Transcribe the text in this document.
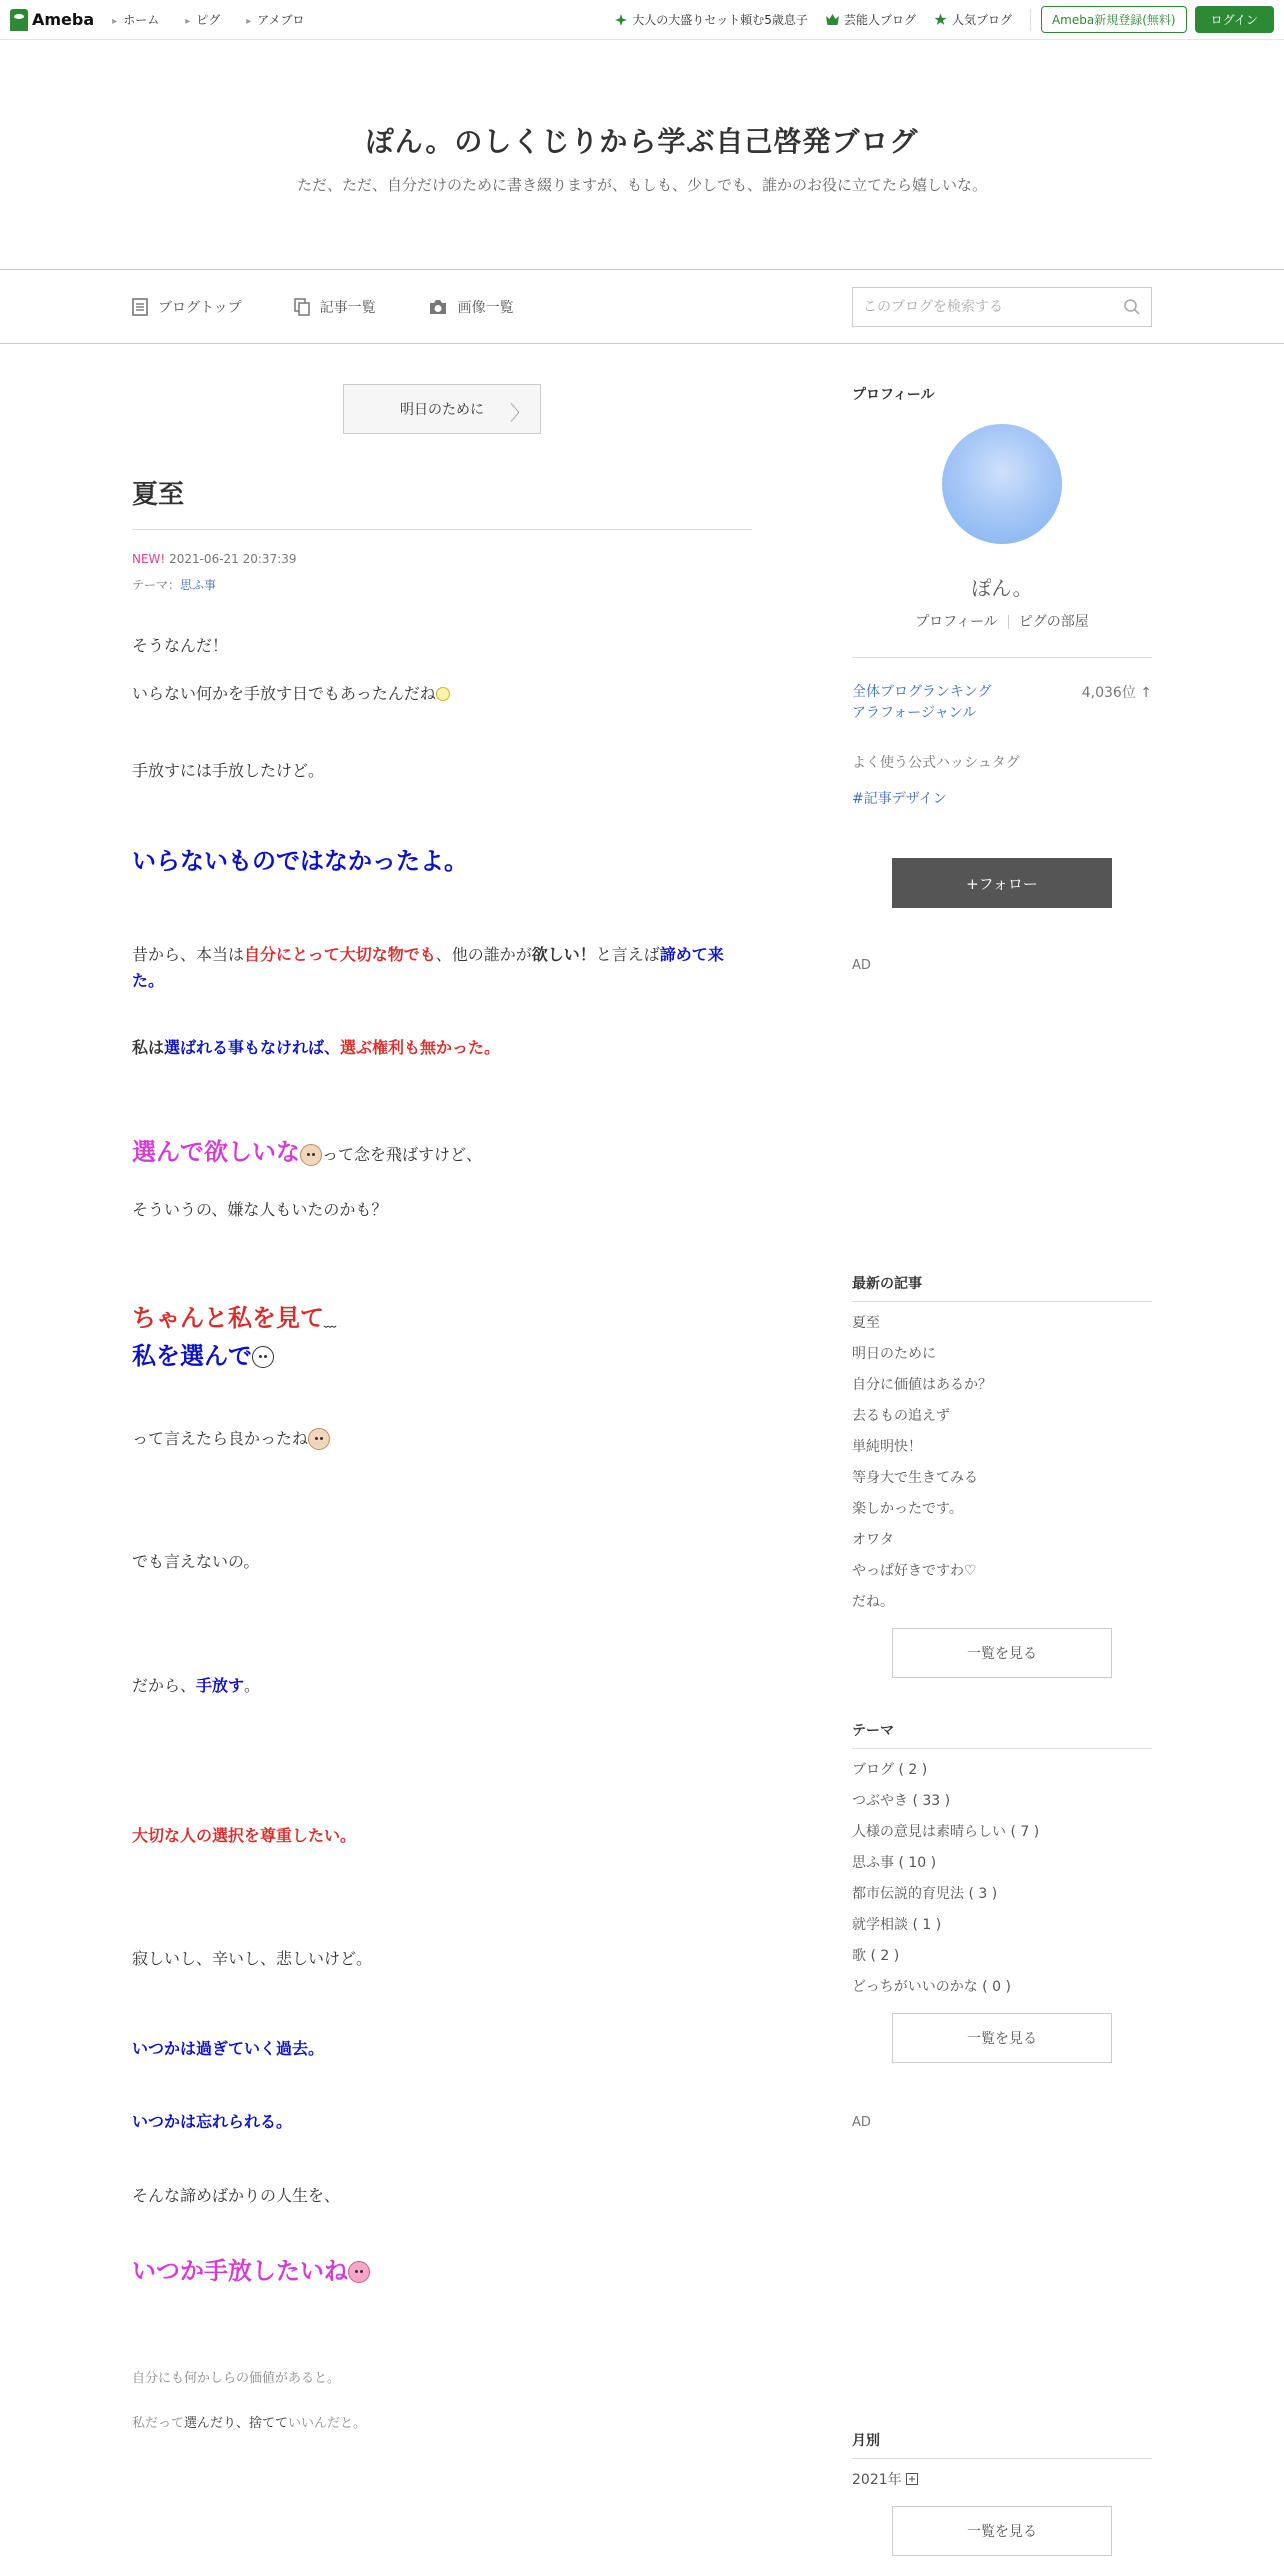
Ameba	▸ ホーム	▸ ピグ	▸ アメブロ	大人の大盛りセット頼む5歳息子	芸能人ブログ	人気ブログ	Ameba新規登録(無料)	ログイン
ぽん。のしくじりから学ぶ自己啓発ブログ
ただ、ただ、自分だけのために書き綴りますが、もしも、少しでも、誰かのお役に立てたら嬉しいな。
ブログトップ	記事一覧	画像一覧
このブログを検索する
明日のために 〉
夏至
NEW! 2021-06-21 20:37:39
テーマ：思ふ事

そうなんだ！

いらない何かを手放す日でもあったんだね

手放すには手放したけど。

いらないものではなかったよ。

昔から、本当は自分にとって大切な物でも、他の誰かが欲しい！と言えば諦めて来た。

私は選ばれる事もなければ、選ぶ権利も無かった。

選んで欲しいな って念を飛ばすけど、

そういうの、嫌な人もいたのかも？

ちゃんと私を見て﹏

私を選んで

って言えたら良かったね

でも言えないの。

だから、手放す。

大切な人の選択を尊重したい。

寂しいし、辛いし、悲しいけど。

いつかは過ぎていく過去。

いつかは忘れられる。

そんな諦めばかりの人生を、

いつか手放したいね

自分にも何かしらの価値があると。

私だって選んだり、捨てていいんだと。

プロフィール
ぽん。
プロフィール ピグの部屋
全体ブログランキング
アラフォージャンル
4,036位 ↑
よく使う公式ハッシュタグ
#記事デザイン
+フォロー
AD
最新の記事
夏至
明日のために
自分に価値はあるか？
去るもの追えず
単純明快！
等身大で生きてみる
楽しかったです。
オワタ
やっぱ好きですわ♡
だね。
一覧を見る
テーマ
ブログ ( 2 )
つぶやき ( 33 )
人様の意見は素晴らしい ( 7 )
思ふ事 ( 10 )
都市伝説的育児法 ( 3 )
就学相談 ( 1 )
歌 ( 2 )
どっちがいいのかな ( 0 )
一覧を見る
AD
月別
2021年
一覧を見る
